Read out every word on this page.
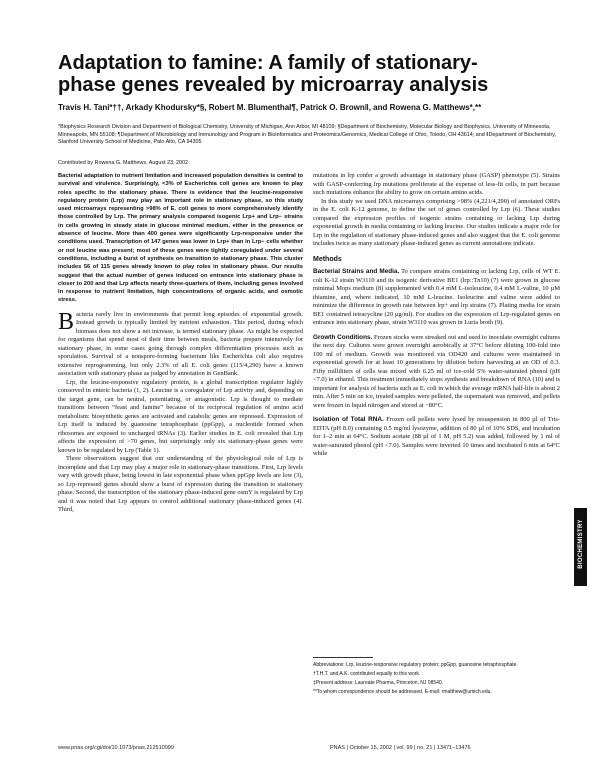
Adaptation to famine: A family of stationary-phase genes revealed by microarray analysis
Travis H. Tani*††, Arkady Khodursky*§, Robert M. Blumenthal¶, Patrick O. Brown‖, and Rowena G. Matthews*,**
*Biophysics Research Division and Department of Biological Chemistry, University of Michigan, Ann Arbor, MI 48109; §Department of Biochemistry, Molecular Biology and Biophysics, University of Minnesota, Minneapolis, MN 55108; ¶Department of Microbiology and Immunology and Program in Bioinformatics and Proteomics/Genomics, Medical College of Ohio, Toledo, OH 43614; and ‖Department of Biochemistry, Stanford University School of Medicine, Palo Alto, CA 94305
Contributed by Rowena G. Matthews, August 23, 2002

Bacterial adaptation to nutrient limitation and increased population densities is central to survival and virulence. Surprisingly, <3% of Escherichia coli genes are known to play roles specific to the stationary phase. There is evidence that the leucine-responsive regulatory protein (Lrp) may play an important role in stationary phase, so this study used microarrays representing >98% of E. coli genes to more comprehensively identify those controlled by Lrp. The primary analysis compared isogenic Lrp+ and Lrp− strains in cells growing in steady state in glucose minimal medium, either in the presence or absence of leucine. More than 400 genes were significantly Lrp-responsive under the conditions used. Transcription of 147 genes was lower in Lrp+ than in Lrp− cells whether or not leucine was present; most of these genes were tightly coregulated under several conditions, including a burst of synthesis on transition to stationary phase. This cluster includes 56 of 115 genes already known to play roles in stationary phase. Our results suggest that the actual number of genes induced on entrance into stationary phase is closer to 200 and that Lrp affects nearly three-quarters of them, including genes involved in response to nutrient limitation, high concentrations of organic acids, and osmotic stress.

Bacteria rarely live in environments that permit long episodes of exponential growth. Instead growth is typically limited by nutrient exhaustion. This period, during which biomass does not show a net increase, is termed stationary phase. As might be expected for organisms that spend most of their time between meals, bacteria prepare intensively for stationary phase, in some cases going through complex differentiation processes such as sporulation. Survival of a nonspore-forming bacterium like Escherichia coli also requires extensive reprogramming, but only 2.3% of all E. coli genes (115/4,290) have a known association with stationary phase as judged by annotation in GenBank.

Lrp, the leucine-responsive regulatory protein, is a global transcription regulator highly conserved in enteric bacteria (1, 2). Leucine is a coregulator of Lrp activity and, depending on the target gene, can be neutral, potentiating, or antagonistic. Lrp is thought to mediate transitions between “feast and famine” because of its reciprocal regulation of amino acid metabolism: biosynthetic genes are activated and catabolic genes are repressed. Expression of Lrp itself is induced by guanosine tetraphosphate (ppGpp), a nucleotide formed when ribosomes are exposed to uncharged tRNAs (3). Earlier studies in E. coli revealed that Lrp affects the expression of >70 genes, but surprisingly only six stationary-phase genes were known to be regulated by Lrp (Table 1).

Three observations suggest that our understanding of the physiological role of Lrp is incomplete and that Lrp may play a major role in stationary-phase transitions. First, Lrp levels vary with growth phase, being lowest in late exponential phase when ppGpp levels are low (3), so Lrp-repressed genes should show a burst of expression during the transition to stationary phase. Second, the transcription of the stationary phase-induced gene osmY is regulated by Lrp and it was noted that Lrp appears to control additional stationary phase-induced genes (4). Third,

mutations in lrp confer a growth advantage in stationary phase (GASP) phenotype (5). Strains with GASP-conferring lrp mutations proliferate at the expense of less-fit cells, in part because such mutations enhance the ability to grow on certain amino acids.

In this study we used DNA microarrays comprising >98% (4,221/4,290) of annotated ORFs in the E. coli K-12 genome, to define the set of genes controlled by Lrp (6). These studies compared the expression profiles of isogenic strains containing or lacking Lrp during exponential growth in media containing or lacking leucine. Our studies indicate a major role for Lrp in the regulation of stationary phase-induced genes and also suggest that the E. coli genome includes twice as many stationary phase-induced genes as current annotations indicate.

Methods

Bacterial Strains and Media. To compare strains containing or lacking Lrp, cells of WT E. coli K-12 strain W3110 and its isogenic derivative BE1 (lrp::Tn10) (7) were grown in glucose minimal Mops medium (8) supplemented with 0.4 mM L-isoleucine, 0.4 mM L-valine, 10 µM thiamine, and, where indicated, 10 mM L-leucine. Isoleucine and valine were added to minimize the difference in growth rate between lrp+ and lrp strains (7). Plating media for strain BE1 contained tetracycline (20 µg/ml). For studies on the expression of Lrp-regulated genes on entrance into stationary phase, strain W3110 was grown in Luria broth (9).

Growth Conditions. Frozen stocks were streaked out and used to inoculate overnight cultures the next day. Cultures were grown overnight aerobically at 37°C before diluting 100-fold into 100 ml of medium. Growth was monitored via OD420 and cultures were maintained in exponential growth for at least 10 generations by dilution before harvesting at an OD of 0.3. Fifty milliliters of cells was mixed with 6.25 ml of ice-cold 5% water-saturated phenol (pH <7.0) in ethanol. This treatment immediately stops synthesis and breakdown of RNA (10) and is important for analysis of bacteria such as E. coli in which the average mRNA half-life is about 2 min. After 5 min on ice, treated samples were pelleted, the supernatant was removed, and pellets were frozen in liquid nitrogen and stored at −80°C.

Isolation of Total RNA. Frozen cell pellets were lysed by resuspension in 800 µl of Tris-EDTA (pH 8.0) containing 0.5 mg/ml lysozyme, addition of 80 µl of 10% SDS, and incubation for 1–2 min at 64°C. Sodium acetate (88 µl of 1 M, pH 5.2) was added, followed by 1 ml of water-saturated phenol (pH <7.0). Samples were inverted 10 times and incubated 6 min at 64°C while

Abbreviations: Lrp, leucine-responsive regulatory protein; ppGpp, guanosine tetraphosphate.

†T.H.T. and A.K. contributed equally to this work.

‡Present address: Laureate Pharma, Princeton, NJ 08540.

**To whom correspondence should be addressed. E-mail: rmatthew@umich.edu.

www.pnas.org/cgi/doi/10.1073/pnas.212510999	PNAS | October 15, 2002 | vol. 99 | no. 21 | 13471–13476
BIOCHEMISTRY
